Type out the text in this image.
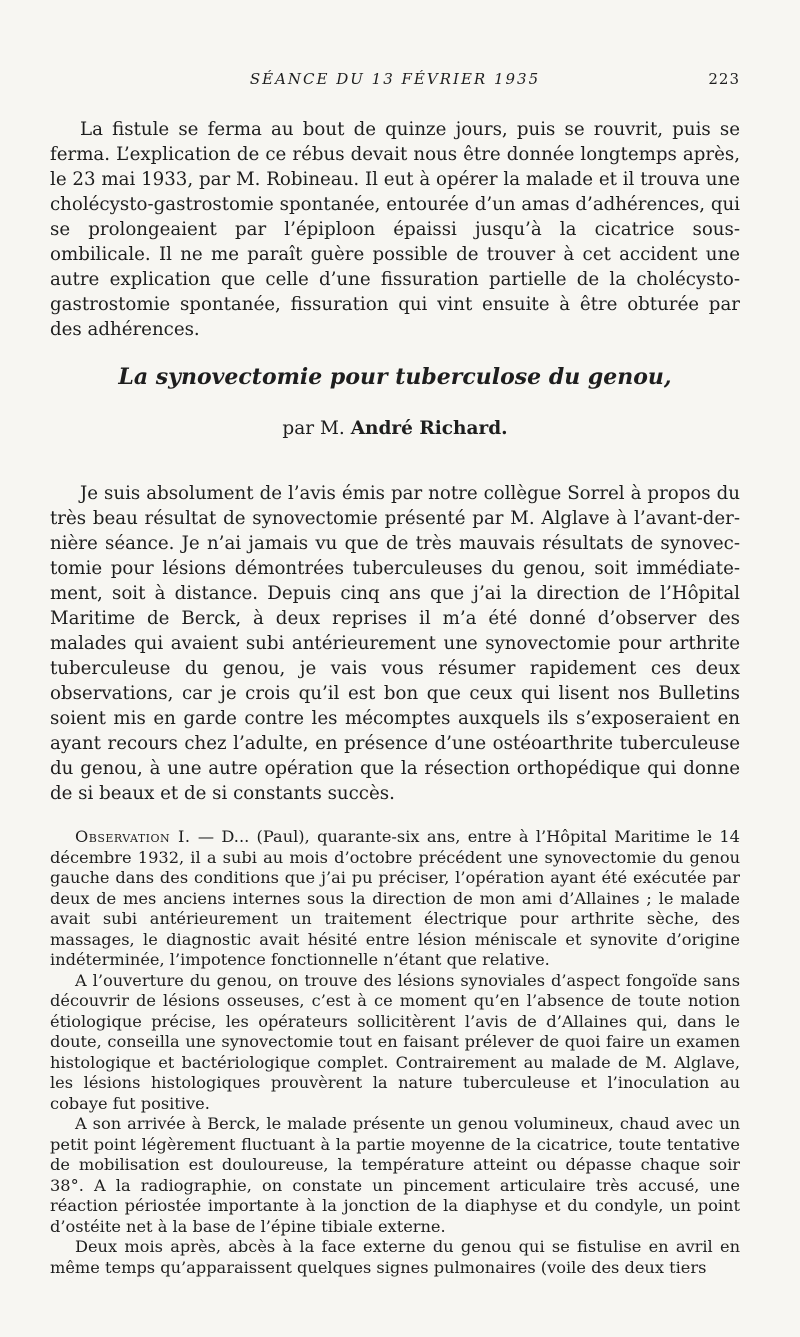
SÉANCE DU 13 FÉVRIER 1935	223

La fistule se ferma au bout de quinze jours, puis se rouvrit, puis se ferma. L’explication de ce rébus devait nous être donnée longtemps après, le 23 mai 1933, par M. Robineau. Il eut à opérer la malade et il trouva une cholécysto-gastrostomie spontanée, entourée d’un amas d’adhérences, qui se prolongeaient par l’épiploon épaissi jusqu’à la cicatrice sous-ombilicale. Il ne me paraît guère possible de trouver à cet accident une autre explication que celle d’une fissuration partielle de la cholécysto-gastrostomie spontanée, fissuration qui vint ensuite à être obturée par des adhérences.

La synovectomie pour tuberculose du genou,
par M. André Richard.

Je suis absolument de l’avis émis par notre collègue Sorrel à propos du très beau résultat de synovectomie présenté par M. Alglave à l’avant-dernière séance. Je n’ai jamais vu que de très mauvais résultats de synovectomie pour lésions démontrées tuberculeuses du genou, soit immédiatement, soit à distance. Depuis cinq ans que j’ai la direction de l’Hôpital Maritime de Berck, à deux reprises il m’a été donné d’observer des malades qui avaient subi antérieurement une synovectomie pour arthrite tuberculeuse du genou, je vais vous résumer rapidement ces deux observations, car je crois qu’il est bon que ceux qui lisent nos Bulletins soient mis en garde contre les mécomptes auxquels ils s’exposeraient en ayant recours chez l’adulte, en présence d’une ostéoarthrite tuberculeuse du genou, à une autre opération que la résection orthopédique qui donne de si beaux et de si constants succès.

Observation I. — D... (Paul), quarante-six ans, entre à l’Hôpital Maritime le 14 décembre 1932, il a subi au mois d’octobre précédent une synovectomie du genou gauche dans des conditions que j’ai pu préciser, l’opération ayant été exécutée par deux de mes anciens internes sous la direction de mon ami d’Allaines ; le malade avait subi antérieurement un traitement électrique pour arthrite sèche, des massages, le diagnostic avait hésité entre lésion méniscale et synovite d’origine indéterminée, l’impotence fonctionnelle n’étant que relative.

A l’ouverture du genou, on trouve des lésions synoviales d’aspect fongoïde sans découvrir de lésions osseuses, c’est à ce moment qu’en l’absence de toute notion étiologique précise, les opérateurs sollicitèrent l’avis de d’Allaines qui, dans le doute, conseilla une synovectomie tout en faisant prélever de quoi faire un examen histologique et bactériologique complet. Contrairement au malade de M. Alglave, les lésions histologiques prouvèrent la nature tuberculeuse et l’inoculation au cobaye fut positive.

A son arrivée à Berck, le malade présente un genou volumineux, chaud avec un petit point légèrement fluctuant à la partie moyenne de la cicatrice, toute tentative de mobilisation est douloureuse, la température atteint ou dépasse chaque soir 38°. A la radiographie, on constate un pincement articulaire très accusé, une réaction périostée importante à la jonction de la diaphyse et du condyle, un point d’ostéite net à la base de l’épine tibiale externe.

Deux mois après, abcès à la face externe du genou qui se fistulise en avril en même temps qu’apparaissent quelques signes pulmonaires (voile des deux tiers
